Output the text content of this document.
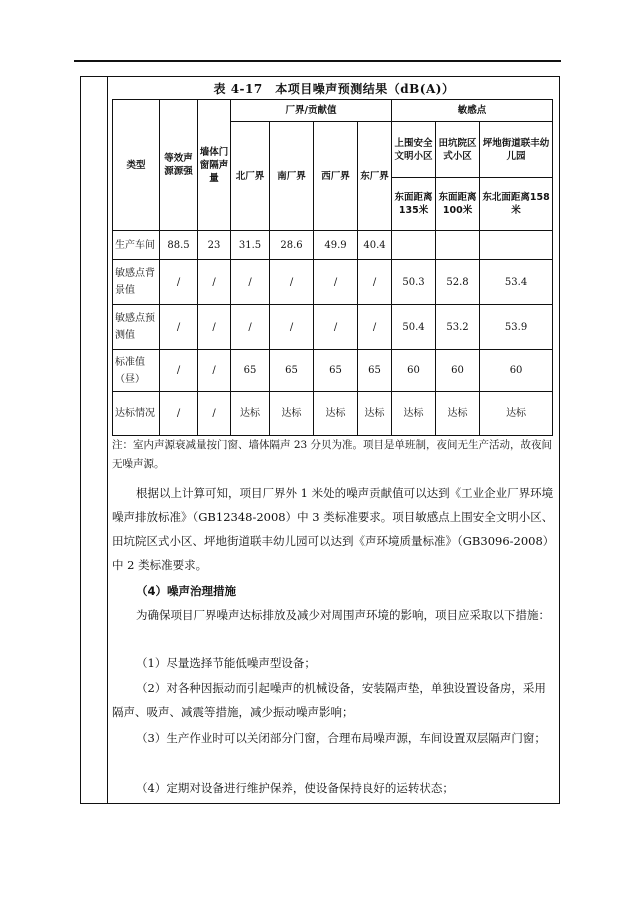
表 4-17　本项目噪声预测结果（dB(A)）
类型	等效声源源强	墙体门窗隔声量	厂界/贡献值				敏感点		
			北厂界	南厂界	西厂界	东厂界	上围安全文明小区	田坑院区式小区	坪地街道联丰幼儿园
							东面距离135米	东面距离100米	东北面距离158米
生产车间	88.5	23	31.5	28.6	49.9	40.4			
敏感点背景值	/	/	/	/	/	/	50.3	52.8	53.4
敏感点预测值	/	/	/	/	/	/	50.4	53.2	53.9
标准值（昼）	/	/	65	65	65	65	60	60	60
达标情况	/	/	达标	达标	达标	达标	达标	达标	达标
注：室内声源衰减量按门窗、墙体隔声 23 分贝为准。项目是单班制，夜间无生产活动，故夜间无噪声源。
根据以上计算可知，项目厂界外 1 米处的噪声贡献值可以达到《工业企业厂界环境噪声排放标准》（GB12348-2008）中 3 类标准要求。项目敏感点上围安全文明小区、田坑院区式小区、坪地街道联丰幼儿园可以达到《声环境质量标准》（GB3096-2008）中 2 类标准要求。
（4）噪声治理措施
为确保项目厂界噪声达标排放及减少对周围声环境的影响，项目应采取以下措施：
（1）尽量选择节能低噪声型设备；
（2）对各种因振动而引起噪声的机械设备，安装隔声垫，单独设置设备房，采用隔声、吸声、减震等措施，减少振动噪声影响；
（3）生产作业时可以关闭部分门窗，合理布局噪声源，车间设置双层隔声门窗；
（4）定期对设备进行维护保养，使设备保持良好的运转状态；
